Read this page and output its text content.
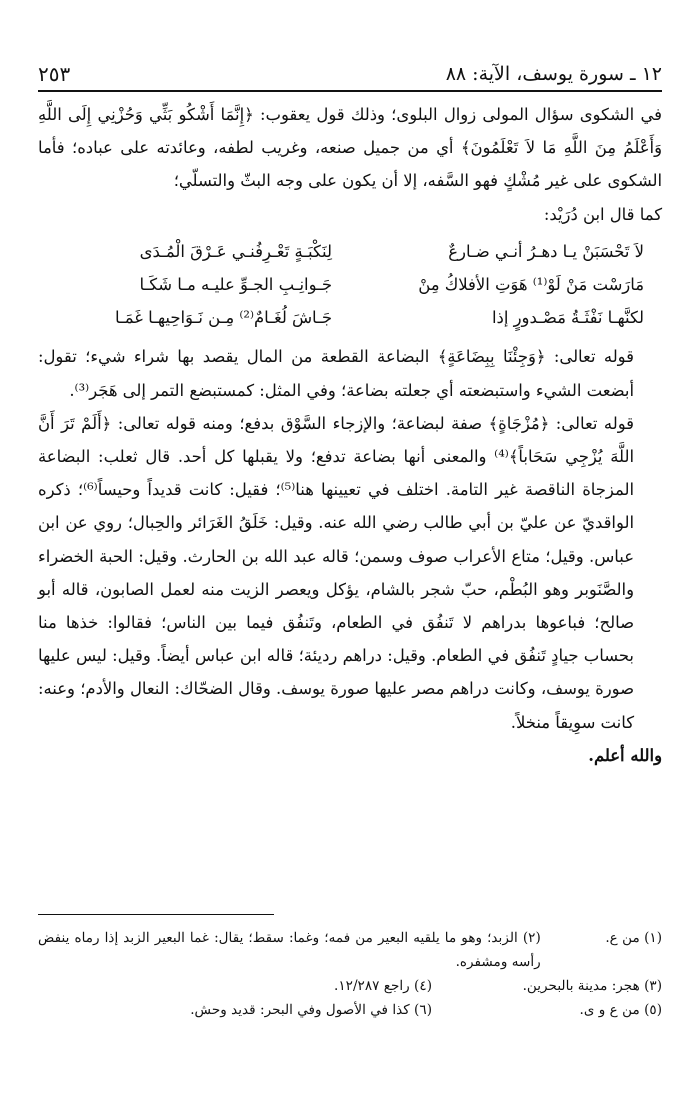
١٢ ـ سورة يوسف، الآية: ٨٨
٢٥٣

في الشكوى سؤال المولى زوال البلوى؛ وذلك قول يعقوب: ﴿إِنَّمَا أَشْكُو بَثِّي وَحُزْنِي إِلَى اللَّهِ وَأَعْلَمُ مِنَ اللَّهِ مَا لاَ تَعْلَمُونَ﴾ أي من جميل صنعه، وغريب لطفه، وعائدته على عباده؛ فأما الشكوى على غير مُشْكٍ فهو السَّفه، إلا أن يكون على وجه البثّ والتسلّي؛

كما قال ابن دُرَيْد:

لاَ تَحْسَبَنْ يـا دهـرُ أنـي ضـارعٌ
لِنَكْبَـةٍ تَعْـرِفُنـي عَـرْقَ الْمُـدَى
مَارَسْت مَنْ لَوْ⁽¹⁾ هَوَتِ الأفلاكُ مِنْ
جَـوانِـبِ الجـوِّ عليـه مـا شَكَـا
لكنَّهـا نَفْثَـةُ مَصْـدورٍ إذا
جَـاشَ لُغَـامٌ⁽²⁾ مِـن نَـوَاحِيهـا غَمَـا

قوله تعالى: ﴿وَجِئْنَا بِبِضَاعَةٍ﴾ البضاعة القطعة من المال يقصد بها شراء شيء؛ تقول: أبضعت الشيء واستبضعته أي جعلته بضاعة؛ وفي المثل: كمستبضع التمر إلى هَجَر⁽³⁾.

قوله تعالى: ﴿مُزْجَاةٍ﴾ صفة لبضاعة؛ والإزجاء السَّوْق بدفع؛ ومنه قوله تعالى: ﴿أَلَمْ تَرَ أَنَّ اللَّهَ يُزْجِي سَحَاباً﴾⁽⁴⁾ والمعنى أنها بضاعة تدفع؛ ولا يقبلها كل أحد. قال ثعلب: البضاعة المزجاة الناقصة غير التامة. اختلف في تعيينها هنا⁽⁵⁾؛ فقيل: كانت قديداً وحيساً⁽⁶⁾؛ ذكره الواقديّ عن عليّ بن أبي طالب رضي الله عنه. وقيل: خَلَقُ الغَرَائر والحِبال؛ روي عن ابن عباس. وقيل؛ متاع الأعراب صوف وسمن؛ قاله عبد الله بن الحارث. وقيل: الحبة الخضراء والصَّنَوبر وهو البُطْم، حبّ شجر بالشام، يؤكل ويعصر الزيت منه لعمل الصابون، قاله أبو صالح؛ فباعوها بدراهم لا تَنفُق في الطعام، وتَنفُق فيما بين الناس؛ فقالوا: خذها منا بحساب جيادٍ تَنفُق في الطعام. وقيل: دراهم رديئة؛ قاله ابن عباس أيضاً. وقيل: ليس عليها صورة يوسف، وكانت دراهم مصر عليها صورة يوسف. وقال الضحّاك: النعال والأدم؛ وعنه: كانت سوِيقاً منخلاً.

والله أعلم.

(١) من ع.
(٢) الزبد؛ وهو ما يلقيه البعير من فمه؛ وغما: سقط؛ يقال: غما البعير الزبد إذا رماه ينفض رأسه ومشفره.
(٣) هجر: مدينة بالبحرين.
(٤) راجع ١٢/٢٨٧.
(٥) من ع و ى.
(٦) كذا في الأصول وفي البحر: قديد وحش.
